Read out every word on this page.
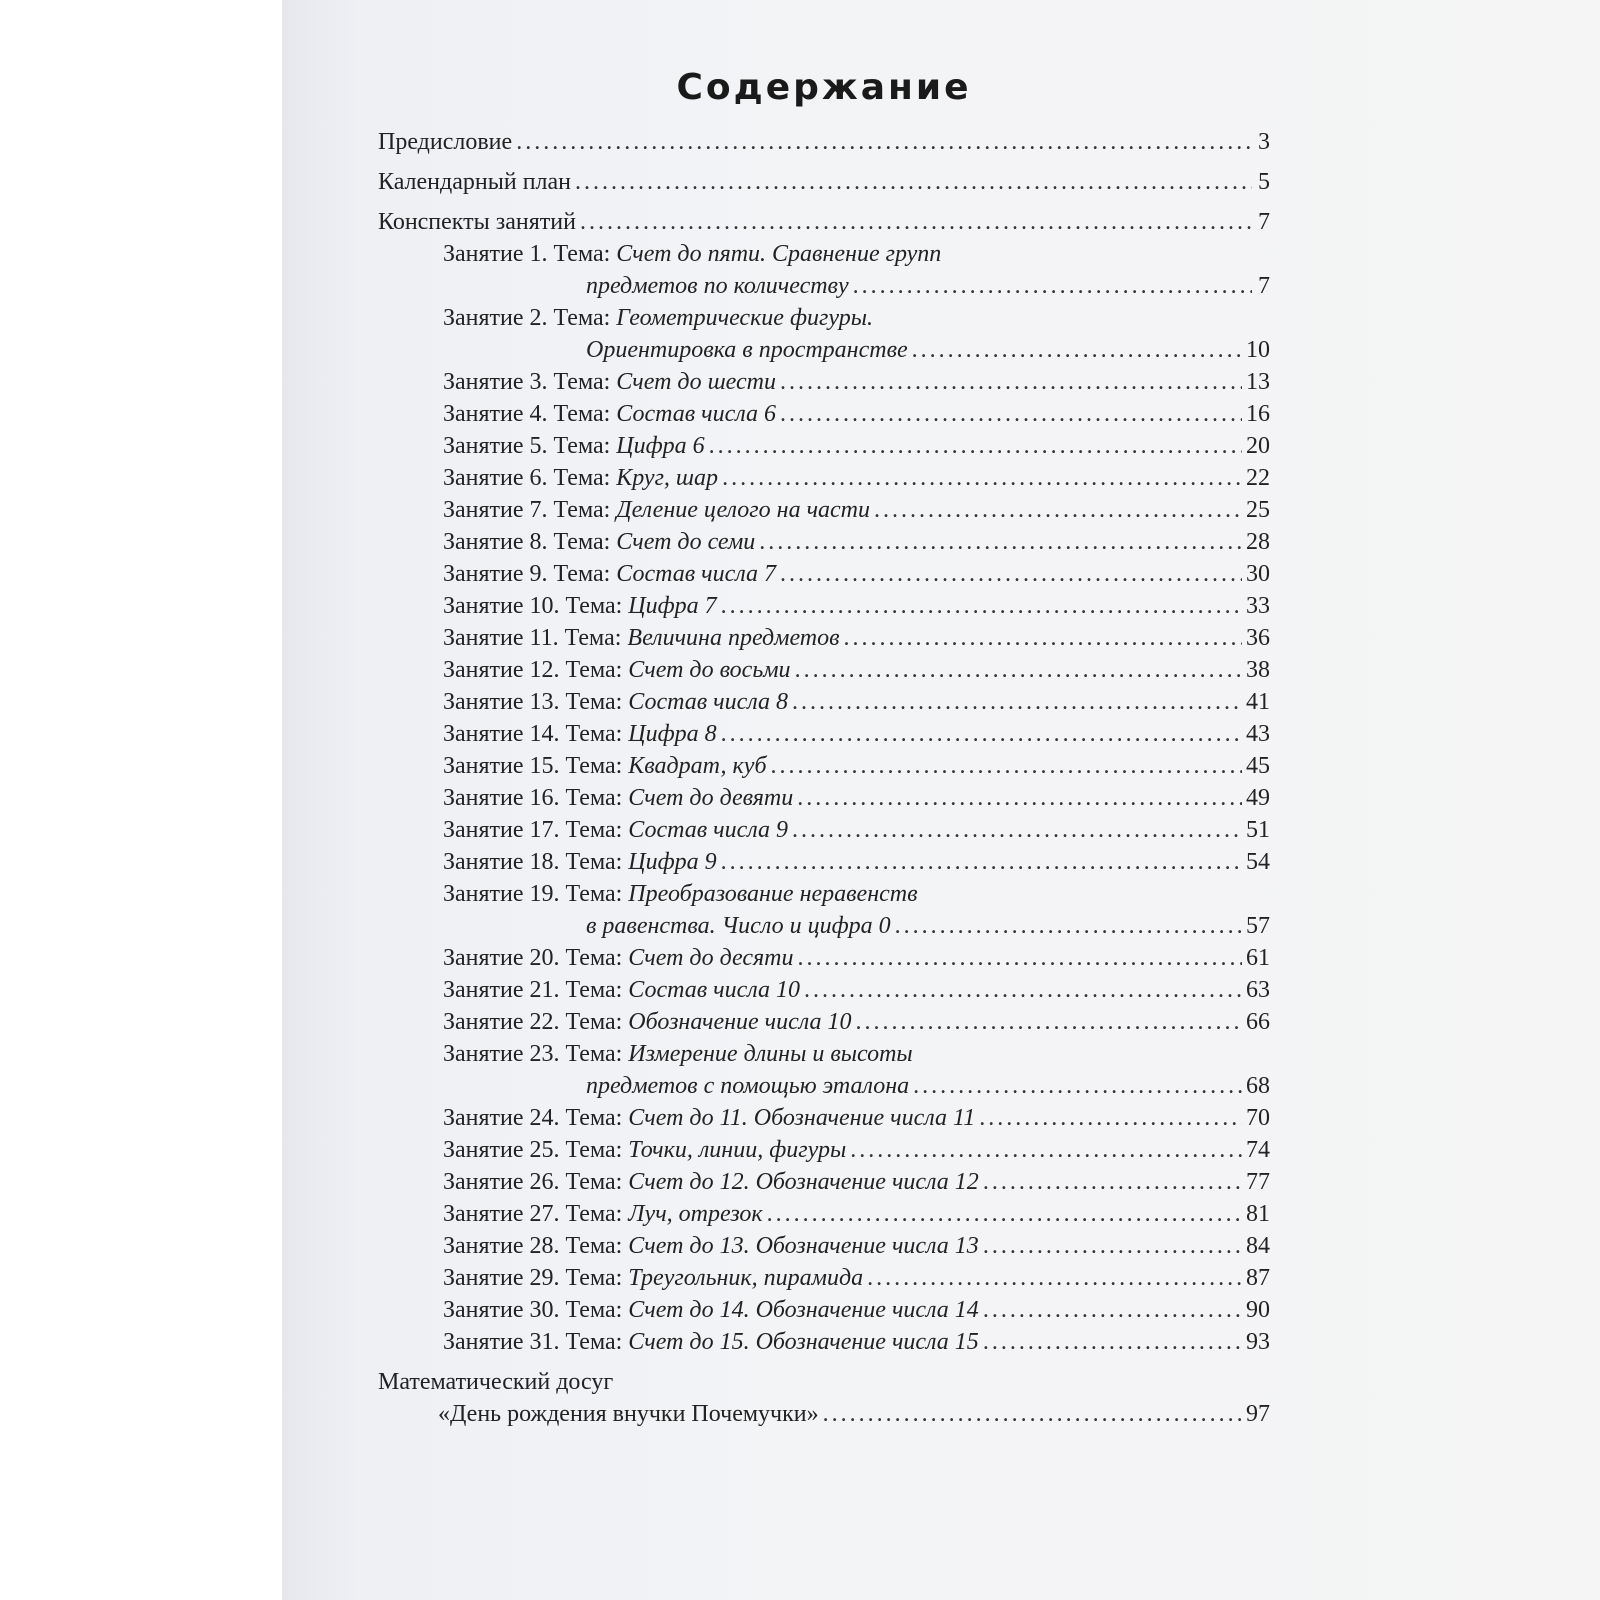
Содержание
Предисловие .....	3
Календарный план .....	5
Конспекты занятий .....	7
Занятие 1. Тема: Счет до пяти. Сравнение групп
предметов по количеству .....	7
Занятие 2. Тема: Геометрические фигуры.
Ориентировка в пространстве .....	10
Занятие 3. Тема: Счет до шести .....	13
Занятие 4. Тема: Состав числа 6 .....	16
Занятие 5. Тема: Цифра 6 .....	20
Занятие 6. Тема: Круг, шар .....	22
Занятие 7. Тема: Деление целого на части .....	25
Занятие 8. Тема: Счет до семи .....	28
Занятие 9. Тема: Состав числа 7 .....	30
Занятие 10. Тема: Цифра 7 .....	33
Занятие 11. Тема: Величина предметов .....	36
Занятие 12. Тема: Счет до восьми .....	38
Занятие 13. Тема: Состав числа 8 .....	41
Занятие 14. Тема: Цифра 8 .....	43
Занятие 15. Тема: Квадрат, куб .....	45
Занятие 16. Тема: Счет до девяти .....	49
Занятие 17. Тема: Состав числа 9 .....	51
Занятие 18. Тема: Цифра 9 .....	54
Занятие 19. Тема: Преобразование неравенств
в равенства. Число и цифра 0 .....	57
Занятие 20. Тема: Счет до десяти .....	61
Занятие 21. Тема: Состав числа 10 .....	63
Занятие 22. Тема: Обозначение числа 10 .....	66
Занятие 23. Тема: Измерение длины и высоты
предметов с помощью эталона .....	68
Занятие 24. Тема: Счет до 11. Обозначение числа 11 .....	70
Занятие 25. Тема: Точки, линии, фигуры .....	74
Занятие 26. Тема: Счет до 12. Обозначение числа 12 .....	77
Занятие 27. Тема: Луч, отрезок .....	81
Занятие 28. Тема: Счет до 13. Обозначение числа 13 .....	84
Занятие 29. Тема: Треугольник, пирамида .....	87
Занятие 30. Тема: Счет до 14. Обозначение числа 14 .....	90
Занятие 31. Тема: Счет до 15. Обозначение числа 15 .....	93
Математический досуг
«День рождения внучки Почемучки» .....	97
